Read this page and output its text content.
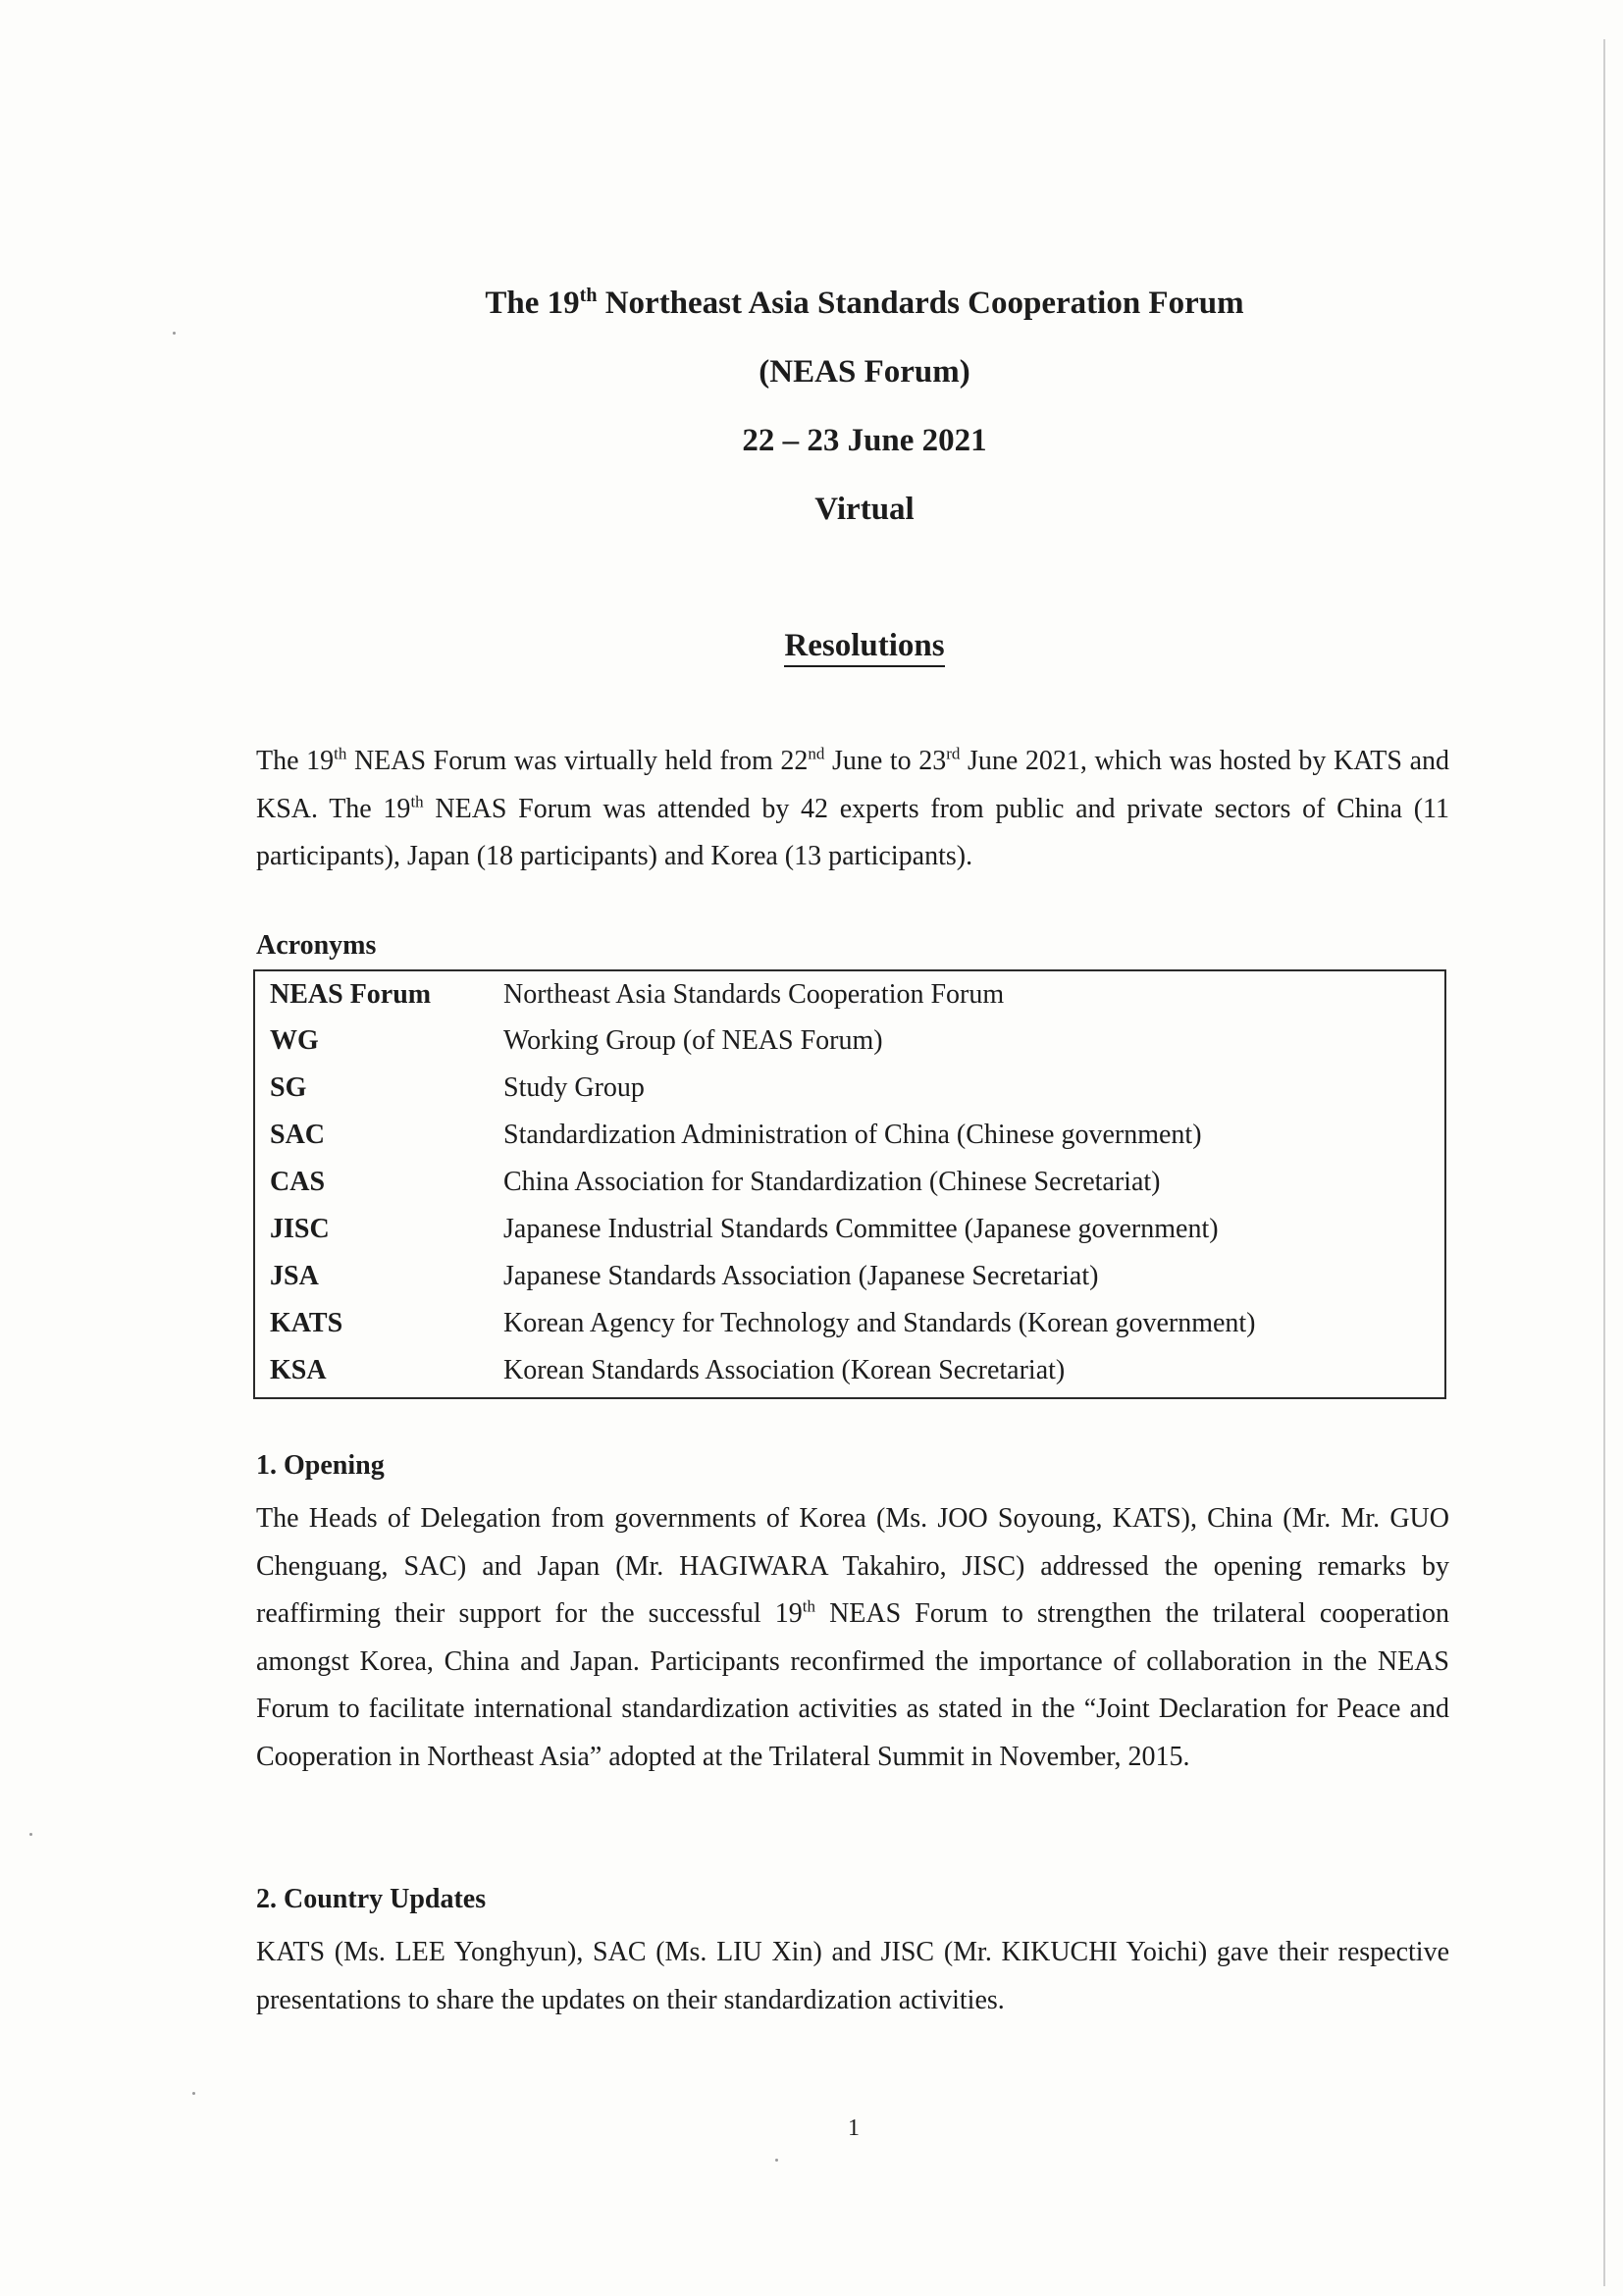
The 19th Northeast Asia Standards Cooperation Forum
(NEAS Forum)
22 – 23 June 2021
Virtual
Resolutions
The 19th NEAS Forum was virtually held from 22nd June to 23rd June 2021, which was hosted by KATS and KSA. The 19th NEAS Forum was attended by 42 experts from public and private sectors of China (11 participants), Japan (18 participants) and Korea (13 participants).
Acronyms
NEAS Forum	Northeast Asia Standards Cooperation Forum
WG	Working Group (of NEAS Forum)
SG	Study Group
SAC	Standardization Administration of China (Chinese government)
CAS	China Association for Standardization (Chinese Secretariat)
JISC	Japanese Industrial Standards Committee (Japanese government)
JSA	Japanese Standards Association (Japanese Secretariat)
KATS	Korean Agency for Technology and Standards (Korean government)
KSA	Korean Standards Association (Korean Secretariat)
1. Opening
The Heads of Delegation from governments of Korea (Ms. JOO Soyoung, KATS), China (Mr. Mr. GUO Chenguang, SAC) and Japan (Mr. HAGIWARA Takahiro, JISC) addressed the opening remarks by reaffirming their support for the successful 19th NEAS Forum to strengthen the trilateral cooperation amongst Korea, China and Japan. Participants reconfirmed the importance of collaboration in the NEAS Forum to facilitate international standardization activities as stated in the “Joint Declaration for Peace and Cooperation in Northeast Asia” adopted at the Trilateral Summit in November, 2015.
2. Country Updates
KATS (Ms. LEE Yonghyun), SAC (Ms. LIU Xin) and JISC (Mr. KIKUCHI Yoichi) gave their respective presentations to share the updates on their standardization activities.
1
